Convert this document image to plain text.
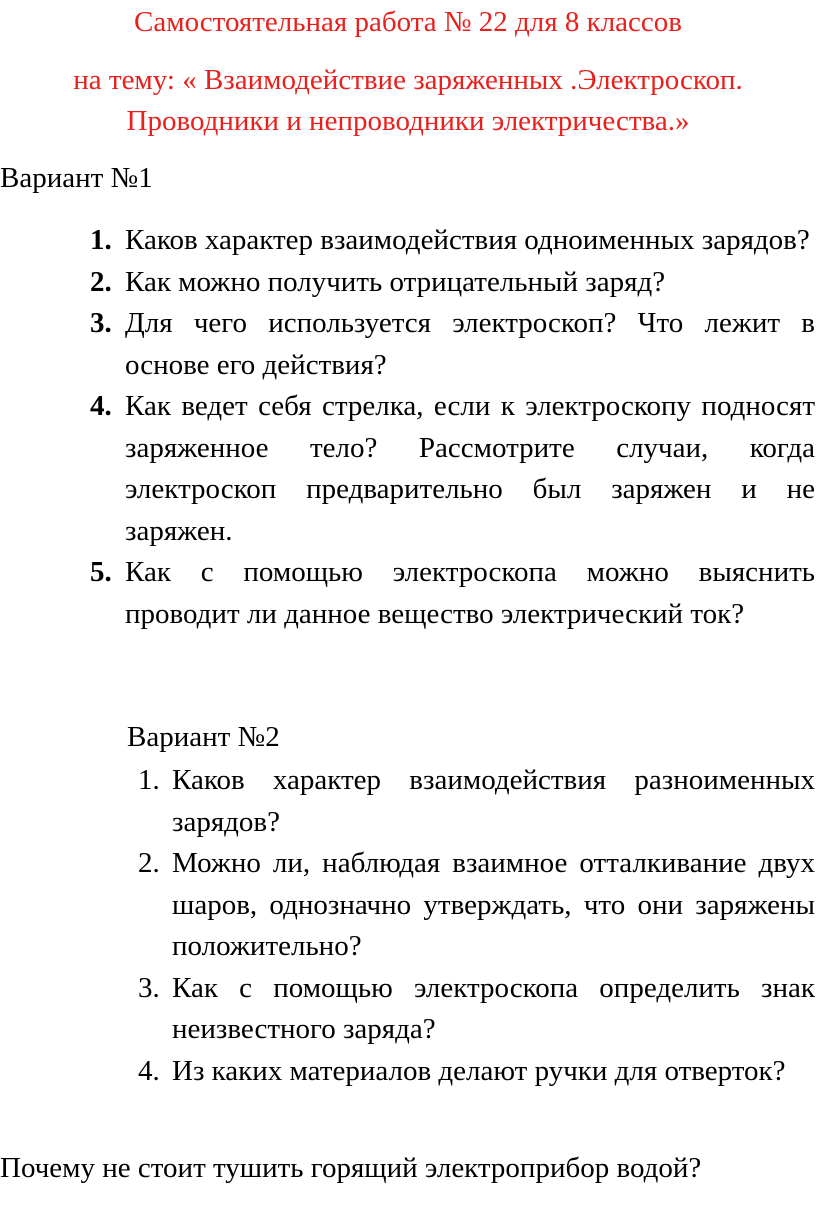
Самостоятельная работа № 22 для 8 классов
на тему: « Взаимодействие заряженных .Электроскоп.
Проводники и непроводники электричества.»
Вариант №1
1. Каков характер взаимодействия одноименных зарядов?
2. Как можно получить отрицательный заряд?
3. Для чего используется электроскоп? Что лежит в основе его действия?
4. Как ведет себя стрелка, если к электроскопу подносят заряженное тело? Рассмотрите случаи, когда электроскоп предварительно был заряжен и не заряжен.
5. Как с помощью электроскопа можно выяснить проводит ли данное вещество электрический ток?
Вариант №2
1. Каков характер взаимодействия разноименных зарядов?
2. Можно ли, наблюдая взаимное отталкивание двух шаров, однозначно утверждать, что они заряжены положительно?
3. Как с помощью электроскопа определить знак неизвестного заряда?
4. Из каких материалов делают ручки для отверток?
Почему не стоит тушить горящий электроприбор водой?
